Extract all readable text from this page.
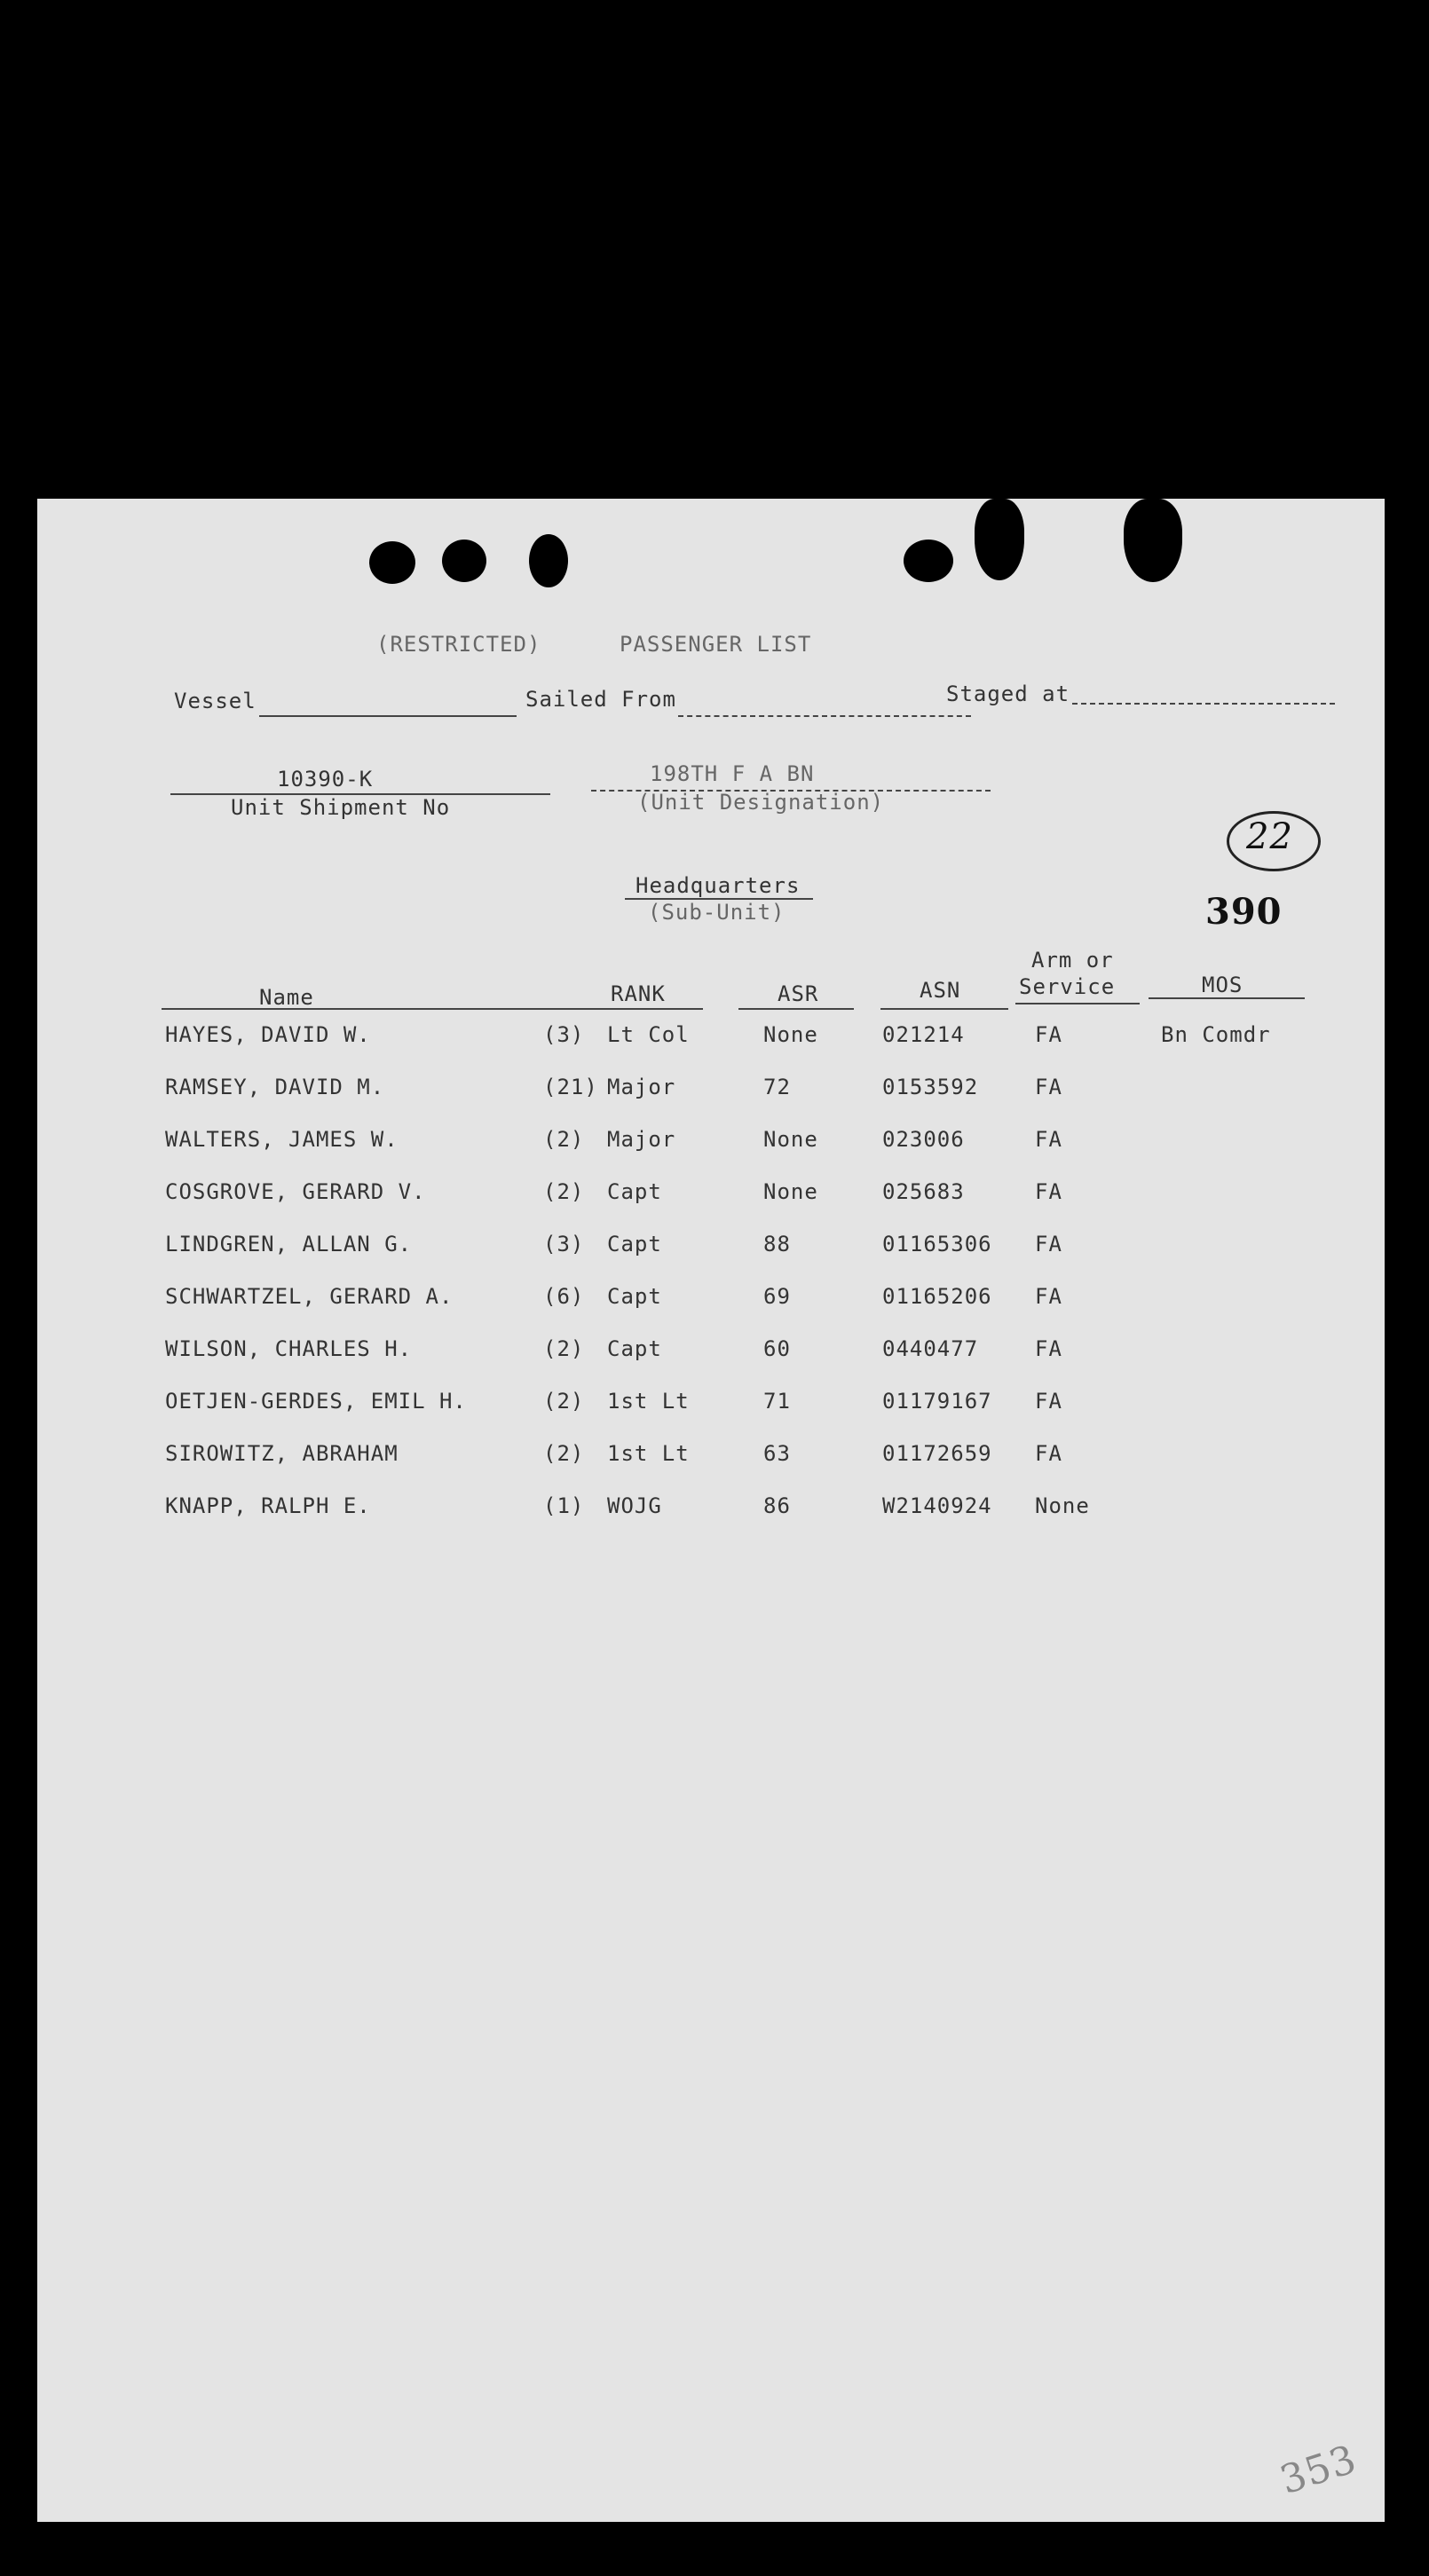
(RESTRICTED)	PASSENGER LIST
Vessel	Sailed From	Staged at
10390-K
Unit Shipment No
198TH F A BN
(Unit Designation)
22
390
Headquarters
(Sub-Unit)
Name	RANK	ASR	ASN
Arm or
Service	MOS
HAYES, DAVID W.	(3) Lt Col	None	021214	FA	Bn Comdr
RAMSEY, DAVID M.	(21) Major	72	0153592	FA
WALTERS, JAMES W.	(2) Major	None	023006	FA
COSGROVE, GERARD V.	(2) Capt	None	025683	FA
LINDGREN, ALLAN G.	(3) Capt	88	01165306 FA
SCHWARTZEL, GERARD A.	(6) Capt	69	01165206 FA
WILSON, CHARLES H.	(2) Capt	60	0440477	FA
OETJEN-GERDES, EMIL H.	(2) 1st Lt	71	01179167 FA
SIROWITZ, ABRAHAM	(2) 1st Lt	63	01172659 FA
KNAPP, RALPH E.	(1) WOJG	86	W2140924 None
353
